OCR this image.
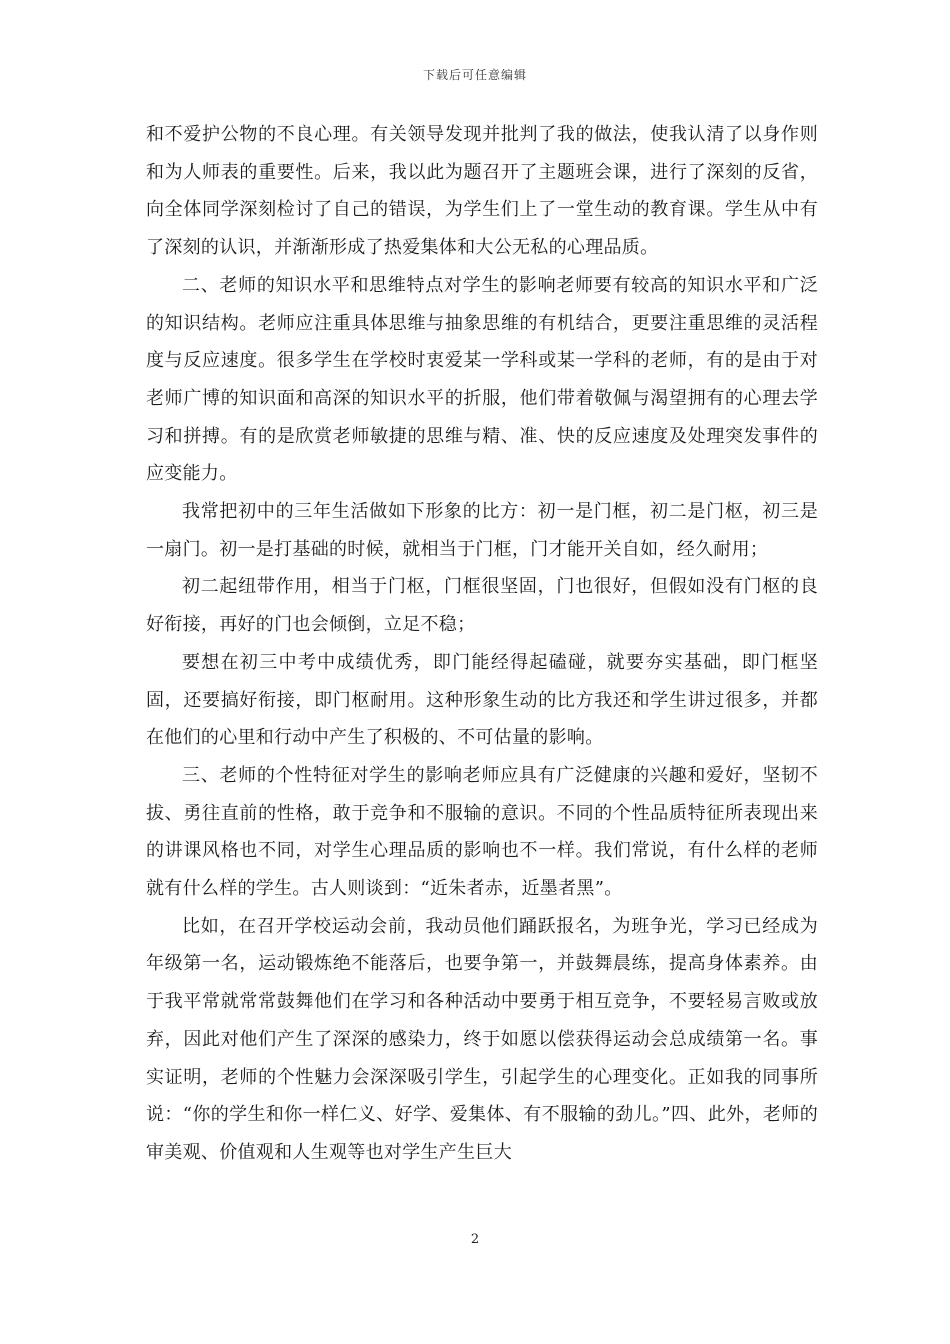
下载后可任意编辑

和不爱护公物的不良心理。有关领导发现并批判了我的做法，使我认清了以身作则和为人师表的重要性。后来，我以此为题召开了主题班会课，进行了深刻的反省，向全体同学深刻检讨了自己的错误，为学生们上了一堂生动的教育课。学生从中有了深刻的认识，并渐渐形成了热爱集体和大公无私的心理品质。

二、老师的知识水平和思维特点对学生的影响老师要有较高的知识水平和广泛的知识结构。老师应注重具体思维与抽象思维的有机结合，更要注重思维的灵活程度与反应速度。很多学生在学校时衷爱某一学科或某一学科的老师，有的是由于对老师广博的知识面和高深的知识水平的折服，他们带着敬佩与渴望拥有的心理去学习和拼搏。有的是欣赏老师敏捷的思维与精、准、快的反应速度及处理突发事件的应变能力。

我常把初中的三年生活做如下形象的比方：初一是门框，初二是门枢，初三是一扇门。初一是打基础的时候，就相当于门框，门才能开关自如，经久耐用；

初二起纽带作用，相当于门枢，门框很坚固，门也很好，但假如没有门枢的良好衔接，再好的门也会倾倒，立足不稳；

要想在初三中考中成绩优秀，即门能经得起磕碰，就要夯实基础，即门框坚固，还要搞好衔接，即门枢耐用。这种形象生动的比方我还和学生讲过很多，并都在他们的心里和行动中产生了积极的、不可估量的影响。

三、老师的个性特征对学生的影响老师应具有广泛健康的兴趣和爱好，坚韧不拔、勇往直前的性格，敢于竞争和不服输的意识。不同的个性品质特征所表现出来的讲课风格也不同，对学生心理品质的影响也不一样。我们常说，有什么样的老师就有什么样的学生。古人则谈到：“近朱者赤，近墨者黑”。

比如，在召开学校运动会前，我动员他们踊跃报名，为班争光，学习已经成为年级第一名，运动锻炼绝不能落后，也要争第一，并鼓舞晨练，提高身体素养。由于我平常就常常鼓舞他们在学习和各种活动中要勇于相互竞争，不要轻易言败或放弃，因此对他们产生了深深的感染力，终于如愿以偿获得运动会总成绩第一名。事实证明，老师的个性魅力会深深吸引学生，引起学生的心理变化。正如我的同事所说：“你的学生和你一样仁义、好学、爱集体、有不服输的劲儿。”四、此外，老师的审美观、价值观和人生观等也对学生产生巨大

2
